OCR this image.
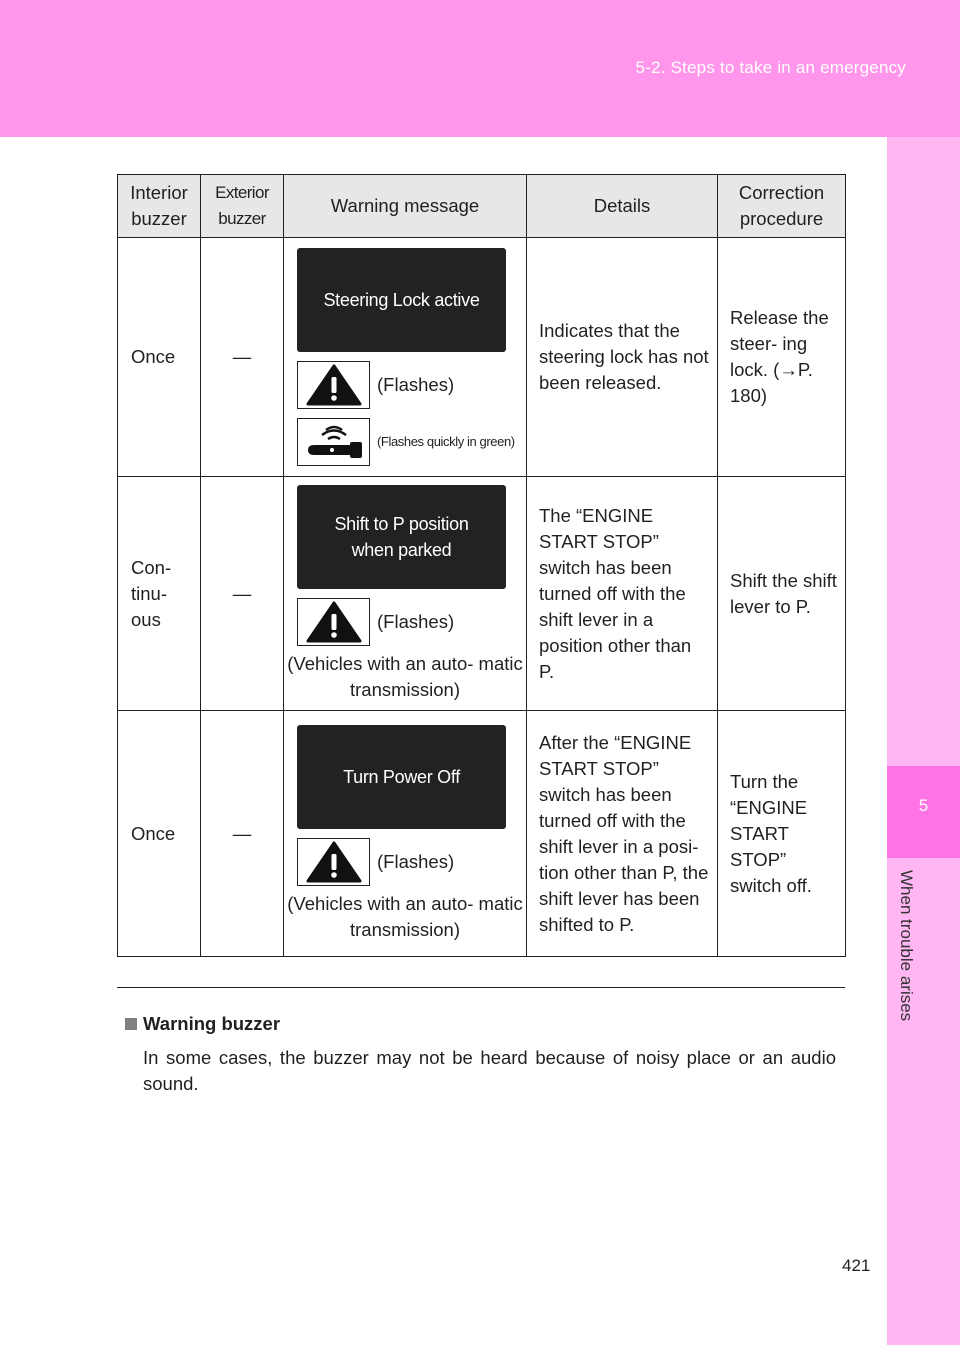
5-2. Steps to take in an emergency
5
When trouble arises
Interior
buzzer	Exterior
buzzer	Warning message	Details	Correction
procedure
Once	—	Steering Lock active
(Flashes)
(Flashes quickly in green)	Indicates that the steering lock has not been released.	Release the steer- ing lock. (→P. 180)
Con- tinu- ous	—	Shift to P position
when parked
(Flashes)
(Vehicles with an auto- matic transmission)	The “ENGINE START STOP” switch has been turned off with the shift lever in a position other than P.	Shift the shift lever to P.
Once	—	Turn Power Off
(Flashes)
(Vehicles with an auto- matic transmission)	After the “ENGINE START STOP” switch has been turned off with the shift lever in a posi- tion other than P, the shift lever has been shifted to P.	Turn the “ENGINE START STOP” switch off.
Warning buzzer
In some cases, the buzzer may not be heard because of noisy place or an audio sound.
421
